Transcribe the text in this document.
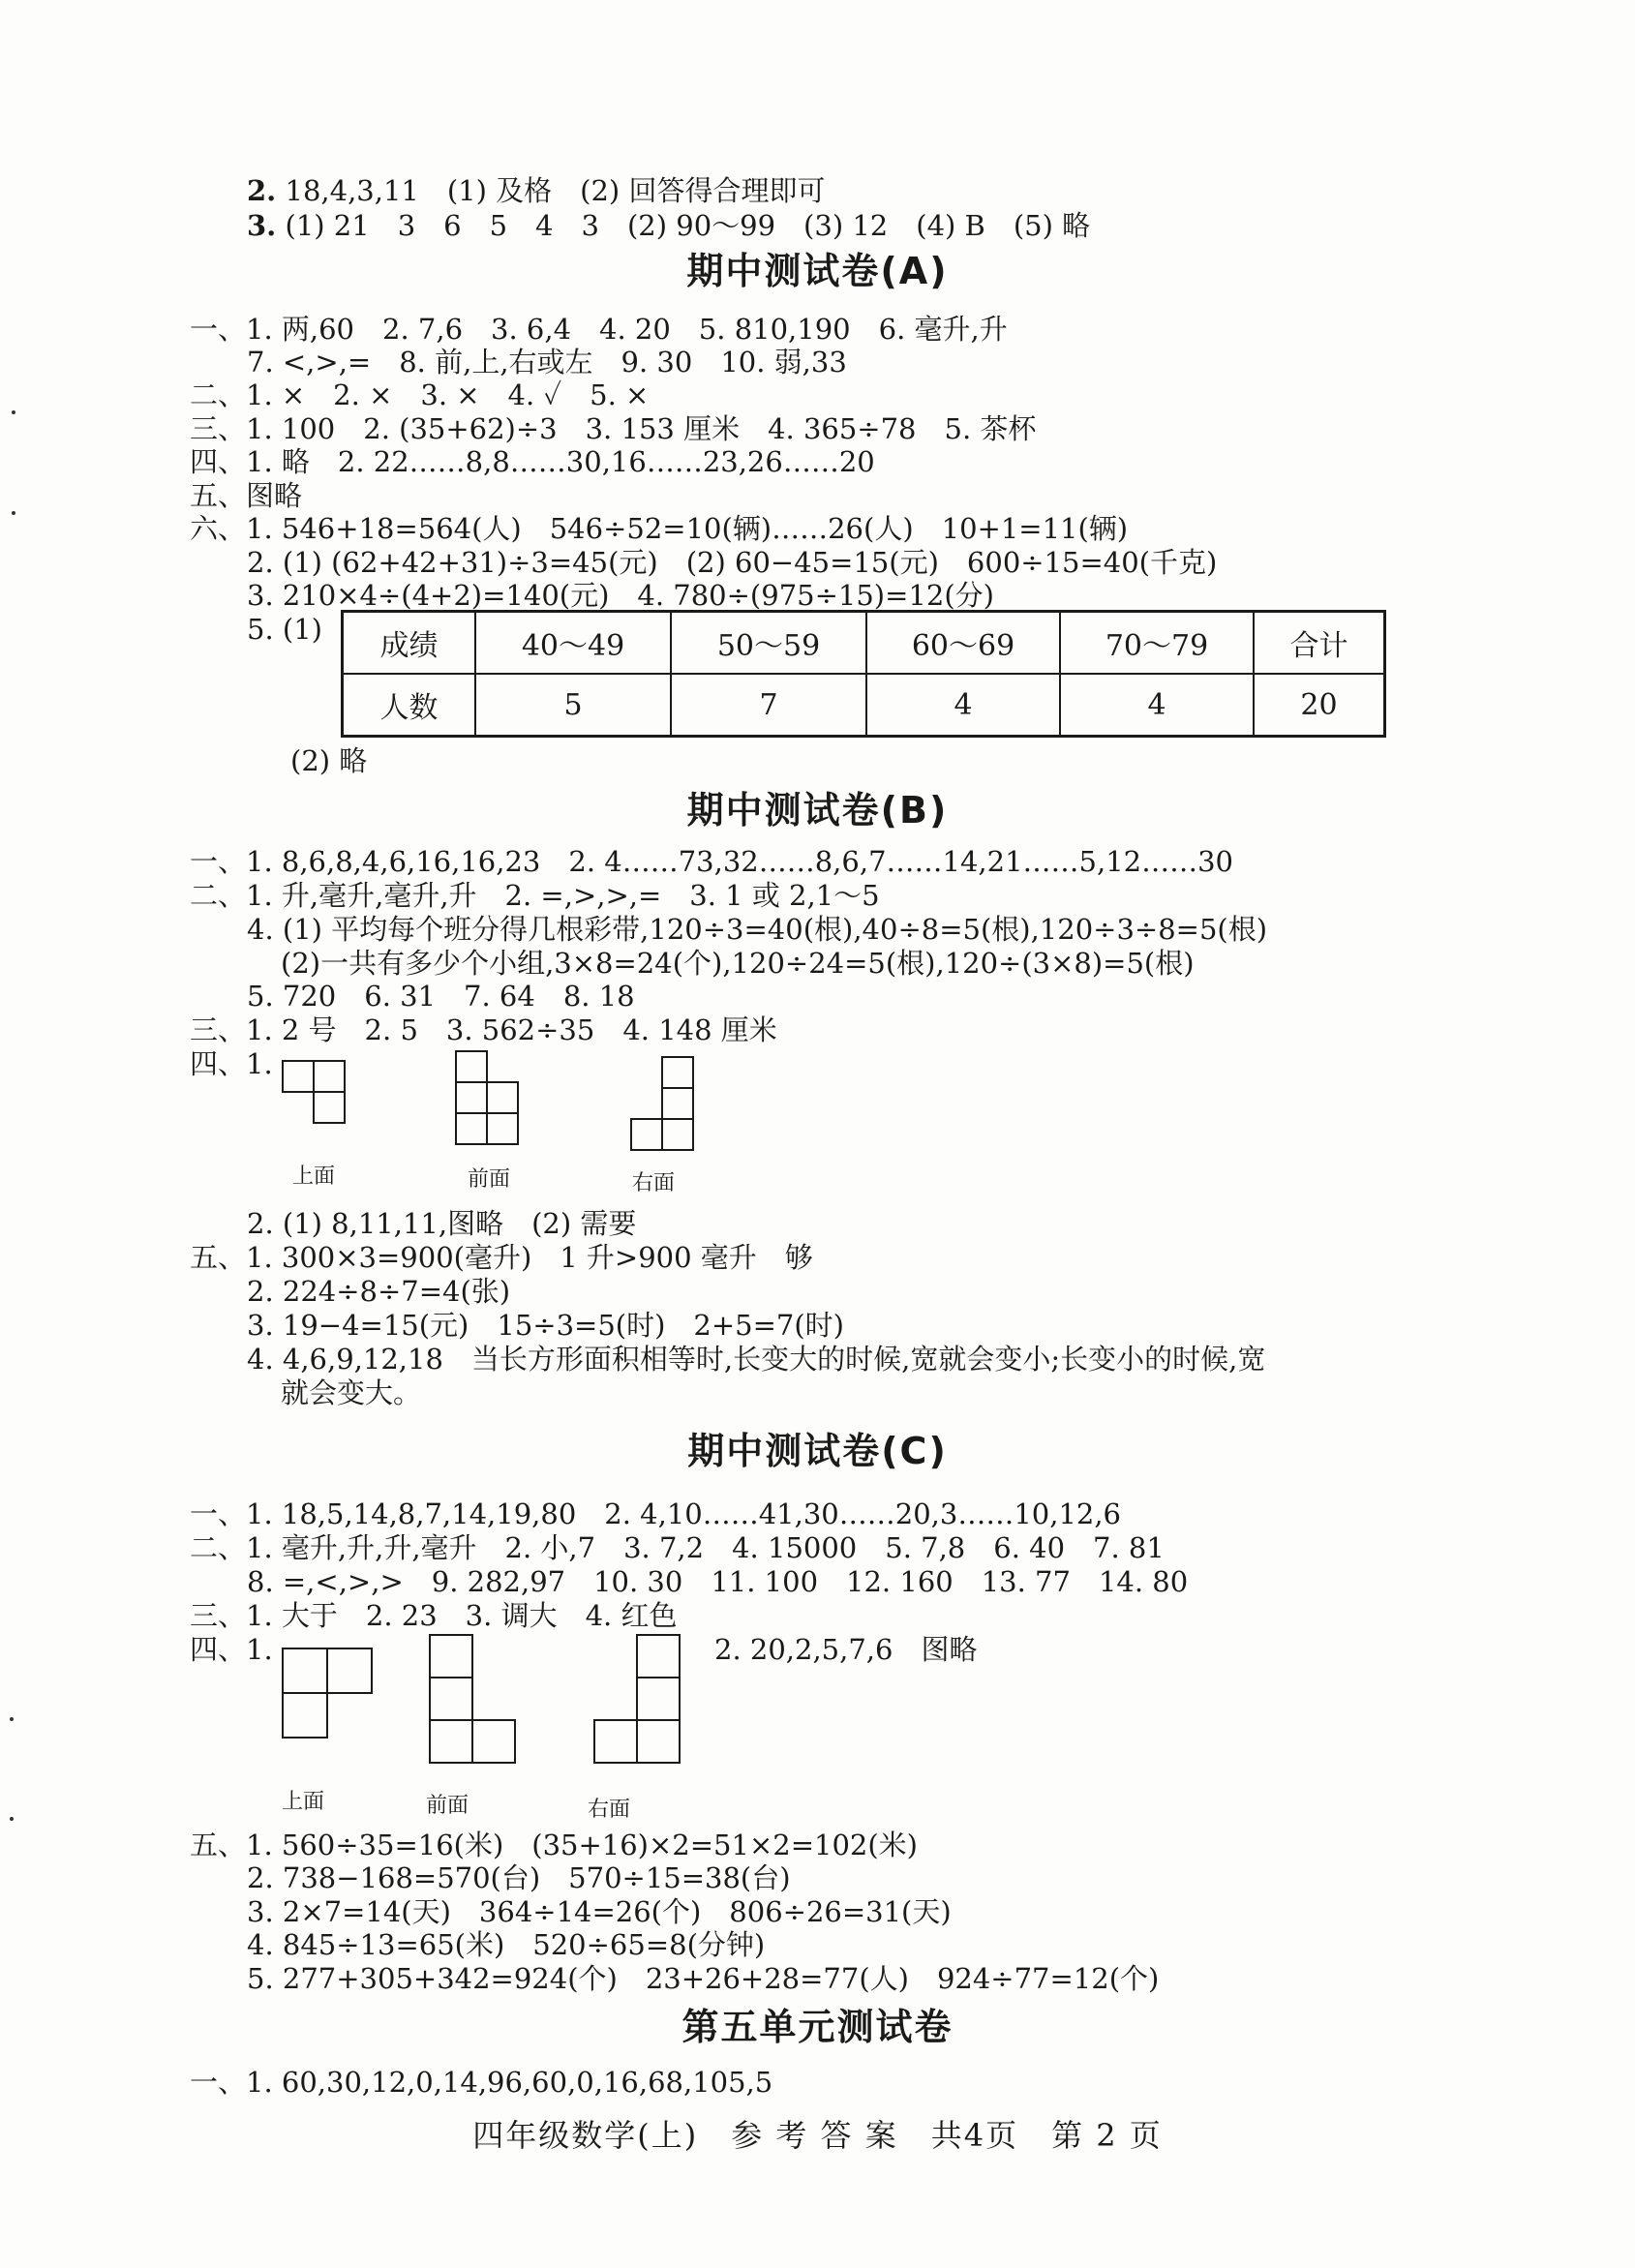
2. 18,4,3,11　(1) 及格　(2) 回答得合理即可
3. (1) 21　3　6　5　4　3　(2) 90～99　(3) 12　(4) B　(5) 略
期中测试卷(A)
一、1. 两,60　2. 7,6　3. 6,4　4. 20　5. 810,190　6. 毫升,升
7. <,>,=　8. 前,上,右或左　9. 30　10. 弱,33
二、1. ×　2. ×　3. ×　4. ✓　5. ×
三、1. 100　2. (35+62)÷3　3. 153 厘米　4. 365÷78　5. 茶杯
四、1. 略　2. 22……8,8……30,16……23,26……20
五、图略
六、1. 546+18=564(人)　546÷52=10(辆)……26(人)　10+1=11(辆)
2. (1) (62+42+31)÷3=45(元)　(2) 60−45=15(元)　600÷15=40(千克)
3. 210×4÷(4+2)=140(元)　4. 780÷(975÷15)=12(分)
5. (1) 成绩	40～49	50～59	60～69	70～79	合计
人数	5	7	4	4	20
(2) 略
期中测试卷(B)
一、1. 8,6,8,4,6,16,16,23　2. 4……73,32……8,6,7……14,21……5,12……30
二、1. 升,毫升,毫升,升　2. =,>,>,=　3. 1 或 2,1～5
4. (1) 平均每个班分得几根彩带,120÷3=40(根),40÷8=5(根),120÷3÷8=5(根)
(2)一共有多少个小组,3×8=24(个),120÷24=5(根),120÷(3×8)=5(根)
5. 720　6. 31　7. 64　8. 18
三、1. 2 号　2. 5　3. 562÷35　4. 148 厘米
四、1.
上面	前面	右面
2. (1) 8,11,11,图略　(2) 需要
五、1. 300×3=900(毫升)　1 升>900 毫升　够
2. 224÷8÷7=4(张)
3. 19−4=15(元)　15÷3=5(时)　2+5=7(时)
4. 4,6,9,12,18　当长方形面积相等时,长变大的时候,宽就会变小;长变小的时候,宽
就会变大。
期中测试卷(C)
一、1. 18,5,14,8,7,14,19,80　2. 4,10……41,30……20,3……10,12,6
二、1. 毫升,升,升,毫升　2. 小,7　3. 7,2　4. 15000　5. 7,8　6. 40　7. 81
8. =,<,>,>　9. 282,97　10. 30　11. 100　12. 160　13. 77　14. 80
三、1. 大于　2. 23　3. 调大　4. 红色
四、1.	2. 20,2,5,7,6　图略
上面	前面	右面
五、1. 560÷35=16(米)　(35+16)×2=51×2=102(米)
2. 738−168=570(台)　570÷15=38(台)
3. 2×7=14(天)　364÷14=26(个)　806÷26=31(天)
4. 845÷13=65(米)　520÷65=8(分钟)
5. 277+305+342=924(个)　23+26+28=77(人)　924÷77=12(个)
第五单元测试卷
一、1. 60,30,12,0,14,96,60,0,16,68,105,5
四年级数学(上)　参 考 答 案　共4页　第 2 页
